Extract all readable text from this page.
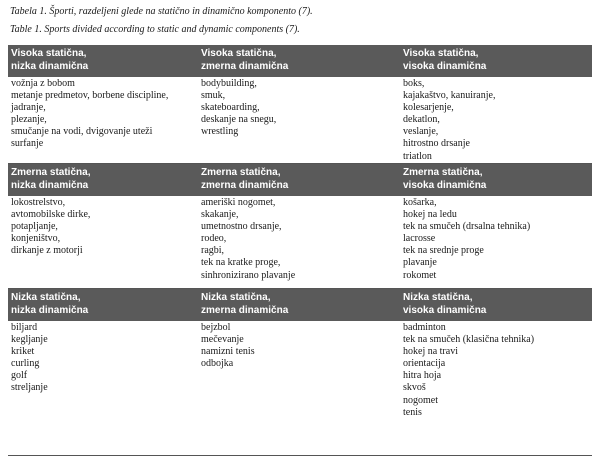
Tabela 1. Športi, razdeljeni glede na statično in dinamično komponento (7).
Table 1. Sports divided according to static and dynamic components (7).
Visoka statična,
nizka dinamična
Visoka statična,
zmerna dinamična
Visoka statična,
visoka dinamična
vožnja z bobom
metanje predmetov, borbene discipline,
jadranje,
plezanje,
smučanje na vodi, dvigovanje uteži
surfanje
bodybuilding,
smuk,
skateboarding,
deskanje na snegu,
wrestling
boks,
kajakaštvo, kanuiranje,
kolesarjenje,
dekatlon,
veslanje,
hitrostno drsanje
triatlon
Zmerna statična,
nizka dinamična
Zmerna statična,
zmerna dinamična
Zmerna statična,
visoka dinamična
lokostrelstvo,
avtomobilske dirke,
potapljanje,
konjeništvo,
dirkanje z motorji
ameriški nogomet,
skakanje,
umetnostno drsanje,
rodeo,
ragbi,
tek na kratke proge,
sinhronizirano plavanje
košarka,
hokej na ledu
tek na smučeh (drsalna tehnika)
lacrosse
tek na srednje proge
plavanje
rokomet
Nizka statična,
nizka dinamična
Nizka statična,
zmerna dinamična
Nizka statična,
visoka dinamična
biljard
kegljanje
kriket
curling
golf
streljanje
bejzbol
mečevanje
namizni tenis
odbojka
badminton
tek na smučeh (klasična tehnika)
hokej na travi
orientacija
hitra hoja
skvoš
nogomet
tenis
